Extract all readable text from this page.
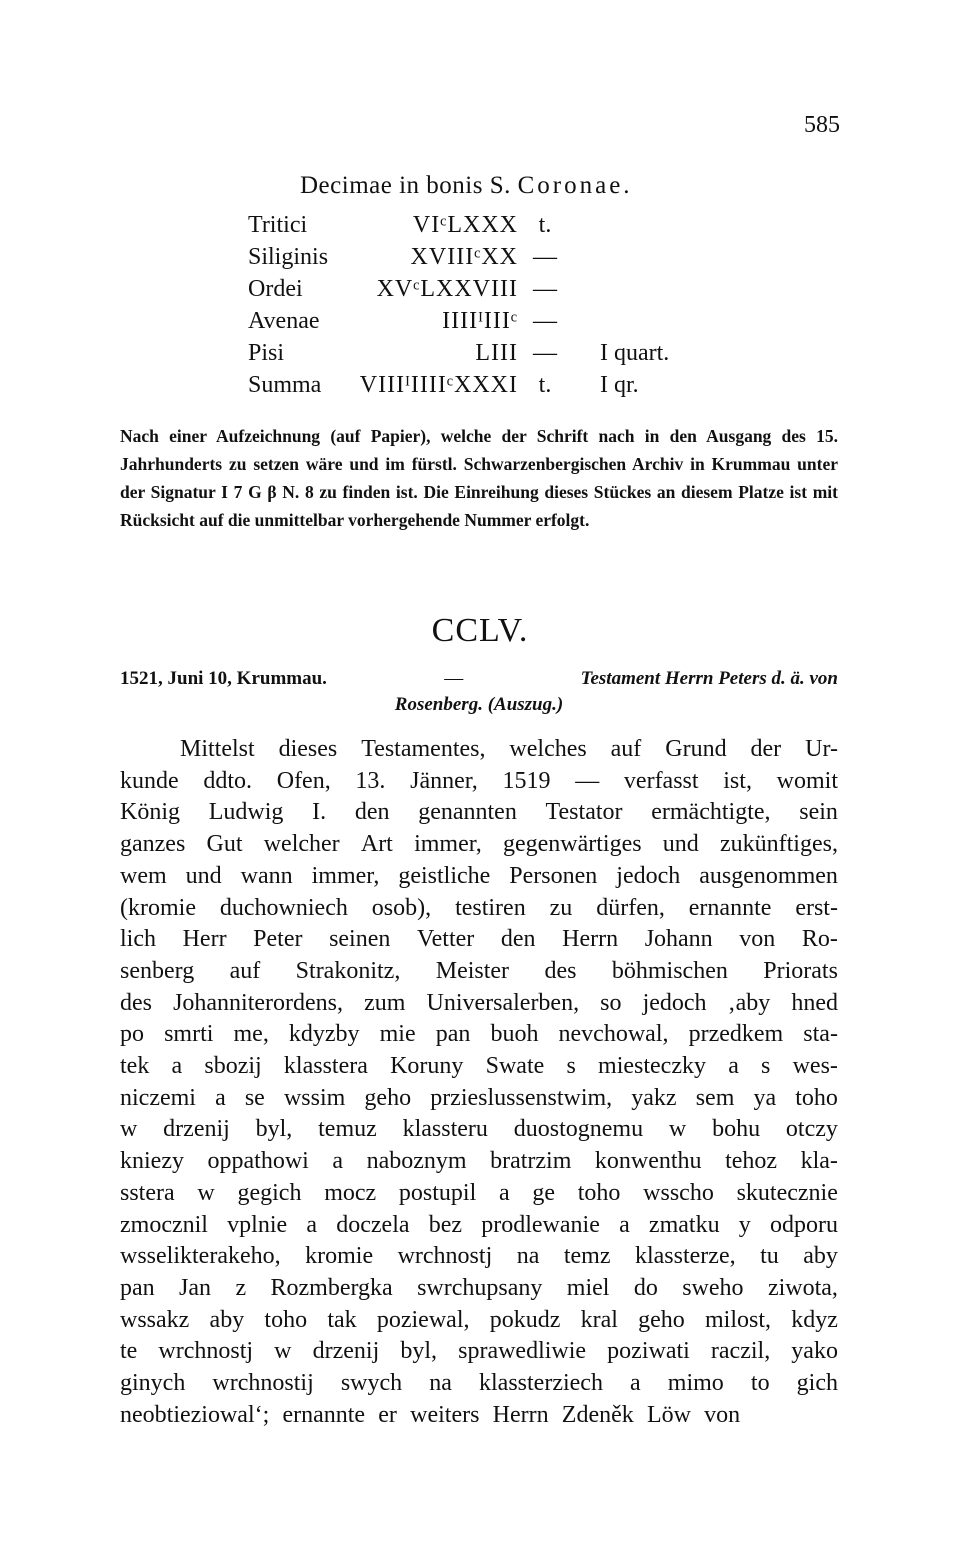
585
Decimae in bonis S. Coronae.
Tritici	VIᶜLXXX t.
Siliginis	XVIIIᶜXX —
Ordei	XVᶜLXXVIII —
Avenae	IIIIᴵIIIᶜ —
Pisi	LIII — I quart.
Summa VIIIᴵIIIIᶜXXXI t.	I qr.
Nach einer Aufzeichnung (auf Papier), welche der Schrift nach in den Ausgang des 15. Jahrhunderts zu setzen wäre und im fürstl. Schwarzenbergischen Archiv in Krummau unter der Signatur I 7 G β N. 8 zu finden ist. Die Einreihung dieses Stückes an diesem Platze ist mit Rücksicht auf die unmittelbar vorhergehende Nummer erfolgt.
CCLV.
1521, Juni 10, Krummau.	—	Testament Herrn Peters d. ä. von
Rosenberg. (Auszug.)
Mittelst dieses Testamentes, welches auf Grund der Ur-
kunde ddto. Ofen, 13. Jänner, 1519 — verfasst ist, womit
König Ludwig I. den genannten Testator ermächtigte, sein
ganzes Gut welcher Art immer, gegenwärtiges und zukünftiges,
wem und wann immer, geistliche Personen jedoch ausgenommen
(kromie duchowniech osob), testiren zu dürfen, ernannte erst-
lich Herr Peter seinen Vetter den Herrn Johann von Ro-
senberg auf Strakonitz, Meister des böhmischen Priorats
des Johanniterordens, zum Universalerben, so jedoch ‚aby hned
po smrti me, kdyzby mie pan buoh nevchowal, przedkem sta-
tek a sbozij klasstera Koruny Swate s miesteczky a s wes-
niczemi a se wssim geho przieslussenstwim, yakz sem ya toho
w drzenij byl, temuz klassteru duostognemu w bohu otczy
kniezy oppathowi a naboznym bratrzim konwenthu tehoz kla-
sstera w gegich mocz postupil a ge toho wsscho skutecznie
zmocznil vplnie a doczela bez prodlewanie a zmatku y odporu
wsselikterakeho, kromie wrchnostj na temz klassterze, tu aby
pan Jan z Rozmbergka swrchupsany miel do sweho ziwota,
wssakz aby toho tak poziewal, pokudz kral geho milost, kdyz
te wrchnostj w drzenij byl, sprawedliwie poziwati raczil, yako
ginych wrchnostij swych na klassterziech a mimo to gich
neobtieziowal‘; ernannte er weiters Herrn Zdeněk Löw von
